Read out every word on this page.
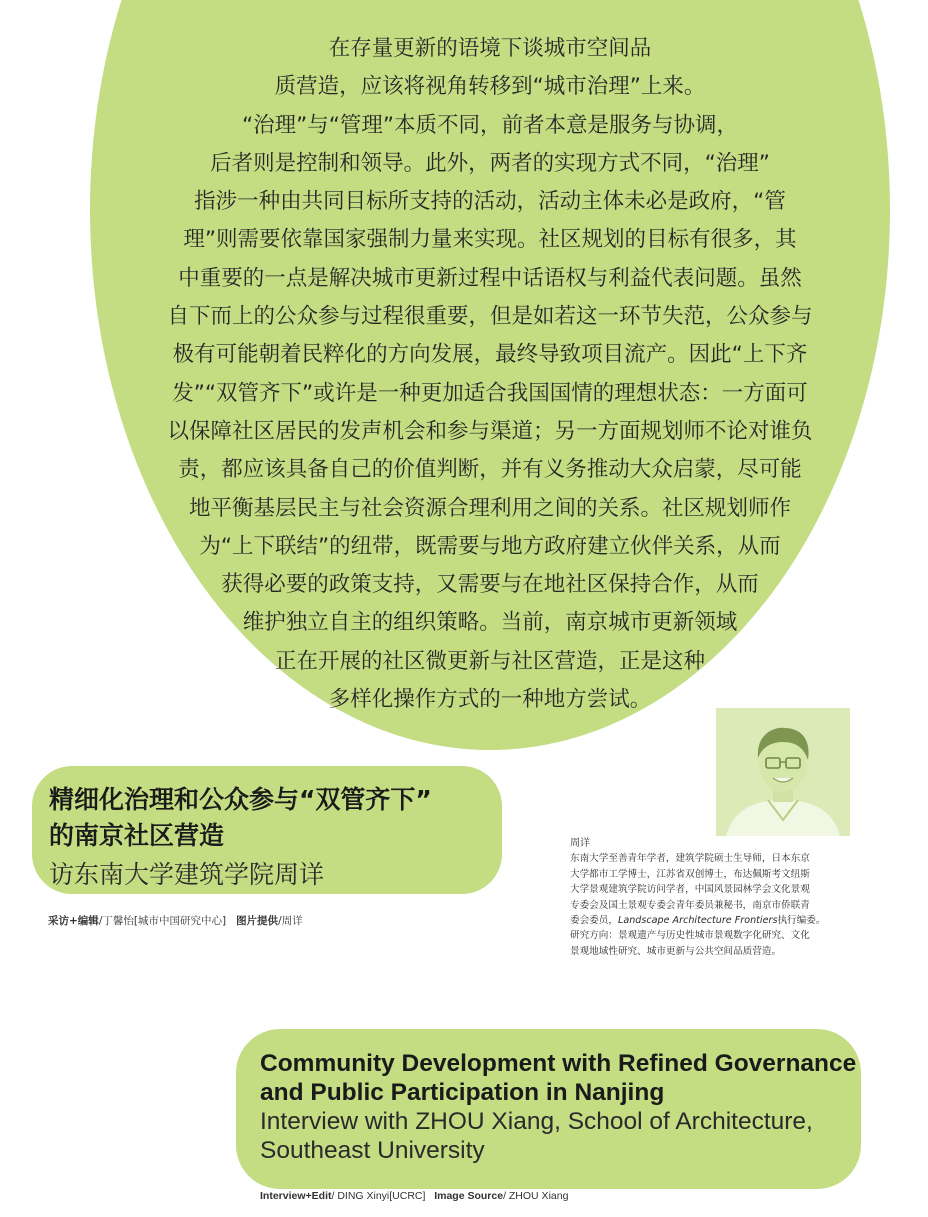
在存量更新的语境下谈城市空间品
质营造，应该将视角转移到“城市治理”上来。
“治理”与“管理”本质不同，前者本意是服务与协调，
后者则是控制和领导。此外，两者的实现方式不同，“治理”
指涉一种由共同目标所支持的活动，活动主体未必是政府，“管
理”则需要依靠国家强制力量来实现。社区规划的目标有很多，其
中重要的一点是解决城市更新过程中话语权与利益代表问题。虽然
自下而上的公众参与过程很重要，但是如若这一环节失范，公众参与
极有可能朝着民粹化的方向发展，最终导致项目流产。因此“上下齐
发”“双管齐下”或许是一种更加适合我国国情的理想状态：一方面可
以保障社区居民的发声机会和参与渠道；另一方面规划师不论对谁负
责，都应该具备自己的价值判断，并有义务推动大众启蒙，尽可能
地平衡基层民主与社会资源合理利用之间的关系。社区规划师作
为“上下联结”的纽带，既需要与地方政府建立伙伴关系，从而
获得必要的政策支持，又需要与在地社区保持合作，从而
维护独立自主的组织策略。当前，南京城市更新领域
正在开展的社区微更新与社区营造，正是这种
多样化操作方式的一种地方尝试。
精细化治理和公众参与“双管齐下”
的南京社区营造
访东南大学建筑学院周详
采访+编辑/丁馨怡[城市中国研究中心] 图片提供/周详
周详
东南大学至善青年学者，建筑学院硕士生导师，日本东京
大学都市工学博士，江苏省双创博士，布达佩斯考文纽斯
大学景观建筑学院访问学者，中国风景园林学会文化景观
专委会及国土景观专委会青年委员兼秘书，南京市侨联青
委会委员，Landscape Architecture Frontiers执行编委。
研究方向：景观遗产与历史性城市景观数字化研究、文化
景观地域性研究、城市更新与公共空间品质营造。
Community Development with Refined Governance
and Public Participation in Nanjing
Interview with ZHOU Xiang, School of Architecture,
Southeast University
Interview+Edit/ DING Xinyi[UCRC] Image Source/ ZHOU Xiang
